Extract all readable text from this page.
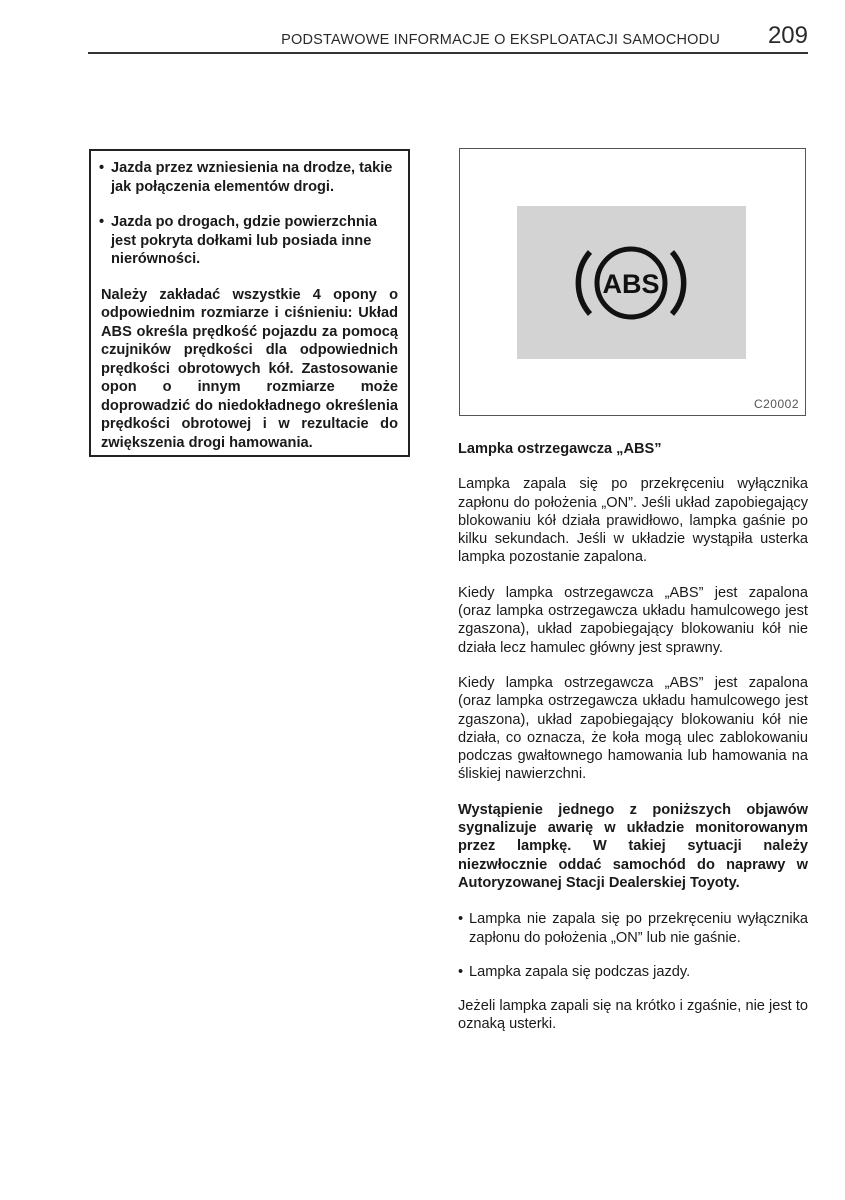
PODSTAWOWE INFORMACJE O EKSPLOATACJI SAMOCHODU 209
• Jazda przez wzniesienia na drodze, takie jak połączenia elementów drogi.
• Jazda po drogach, gdzie powierzchnia jest pokryta dołkami lub posiada inne nierówności.
Należy zakładać wszystkie 4 opony o odpowiednim rozmiarze i ciśnieniu: Układ ABS określa prędkość pojazdu za pomocą czujników prędkości dla odpowiednich prędkości obrotowych kół. Zastosowanie opon o innym rozmiarze może doprowadzić do niedokładnego określenia prędkości obrotowej i w rezultacie do zwiększenia drogi hamowania.
ABS
C20002
Lampka ostrzegawcza „ABS”
Lampka zapala się po przekręceniu wyłącznika zapłonu do położenia „ON”. Jeśli układ zapobiegający blokowaniu kół działa prawidłowo, lampka gaśnie po kilku sekundach. Jeśli w układzie wystąpiła usterka lampka pozostanie zapalona.
Kiedy lampka ostrzegawcza „ABS” jest zapalona (oraz lampka ostrzegawcza układu hamulcowego jest zgaszona), układ zapobiegający blokowaniu kół nie działa lecz hamulec główny jest sprawny.
Kiedy lampka ostrzegawcza „ABS” jest zapalona (oraz lampka ostrzegawcza układu hamulcowego jest zgaszona), układ zapobiegający blokowaniu kół nie działa, co oznacza, że koła mogą ulec zablokowaniu podczas gwałtownego hamowania lub hamowania na śliskiej nawierzchni.
Wystąpienie jednego z poniższych objawów sygnalizuje awarię w układzie monitorowanym przez lampkę. W takiej sytuacji należy niezwłocznie oddać samochód do naprawy w Autoryzowanej Stacji Dealerskiej Toyoty.
• Lampka nie zapala się po przekręceniu wyłącznika zapłonu do położenia „ON” lub nie gaśnie.
• Lampka zapala się podczas jazdy.
Jeżeli lampka zapali się na krótko i zgaśnie, nie jest to oznaką usterki.
